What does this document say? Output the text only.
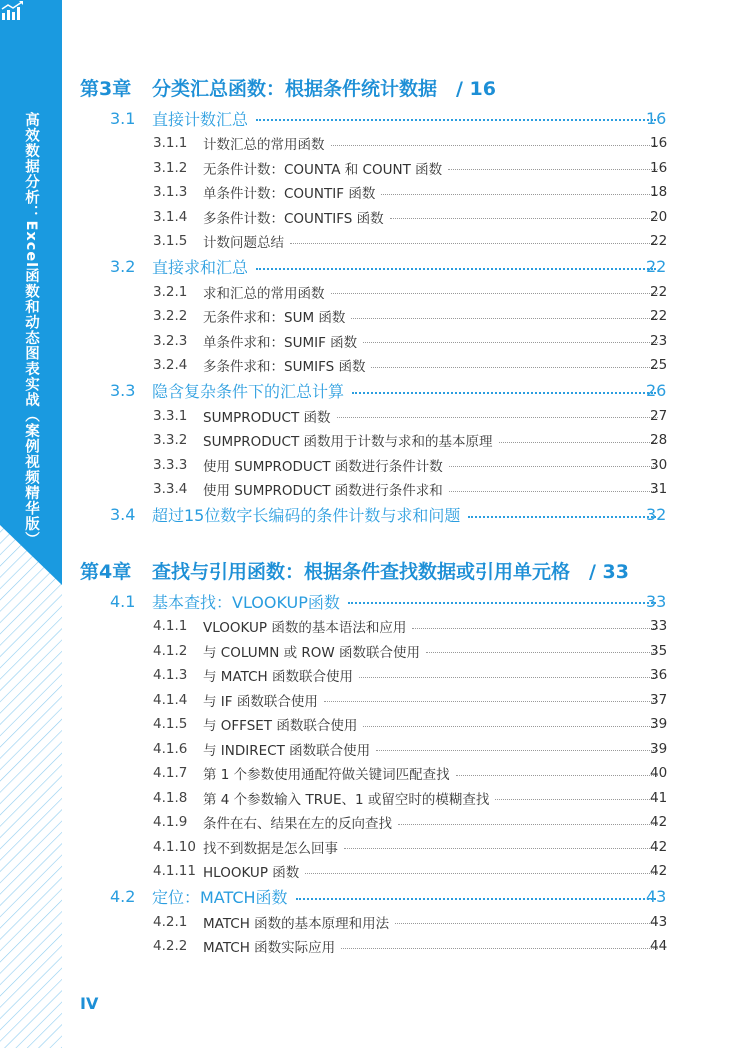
高效数据分析：Excel函数和动态图表实战（案例视频精华版）
第3章 分类汇总函数：根据条件统计数据　/ 16
3.1	直接计数汇总	16
3.1.1	计数汇总的常用函数	16
3.1.2	无条件计数：COUNTA 和 COUNT 函数	16
3.1.3	单条件计数：COUNTIF 函数	18
3.1.4	多条件计数：COUNTIFS 函数	20
3.1.5	计数问题总结	22
3.2	直接求和汇总	22
3.2.1	求和汇总的常用函数	22
3.2.2	无条件求和：SUM 函数	22
3.2.3	单条件求和：SUMIF 函数	23
3.2.4	多条件求和：SUMIFS 函数	25
3.3	隐含复杂条件下的汇总计算	26
3.3.1	SUMPRODUCT 函数	27
3.3.2	SUMPRODUCT 函数用于计数与求和的基本原理	28
3.3.3	使用 SUMPRODUCT 函数进行条件计数	30
3.3.4	使用 SUMPRODUCT 函数进行条件求和	31
3.4	超过15位数字长编码的条件计数与求和问题	32
第4章 查找与引用函数：根据条件查找数据或引用单元格　/ 33
4.1	基本查找：VLOOKUP函数	33
4.1.1	VLOOKUP 函数的基本语法和应用	33
4.1.2	与 COLUMN 或 ROW 函数联合使用	35
4.1.3	与 MATCH 函数联合使用	36
4.1.4	与 IF 函数联合使用	37
4.1.5	与 OFFSET 函数联合使用	39
4.1.6	与 INDIRECT 函数联合使用	39
4.1.7	第 1 个参数使用通配符做关键词匹配查找	40
4.1.8	第 4 个参数输入 TRUE、1 或留空时的模糊查找	41
4.1.9	条件在右、结果在左的反向查找	42
4.1.10 找不到数据是怎么回事	42
4.1.11 HLOOKUP 函数	42
4.2	定位：MATCH函数	43
4.2.1	MATCH 函数的基本原理和用法	43
4.2.2	MATCH 函数实际应用	44
IV
